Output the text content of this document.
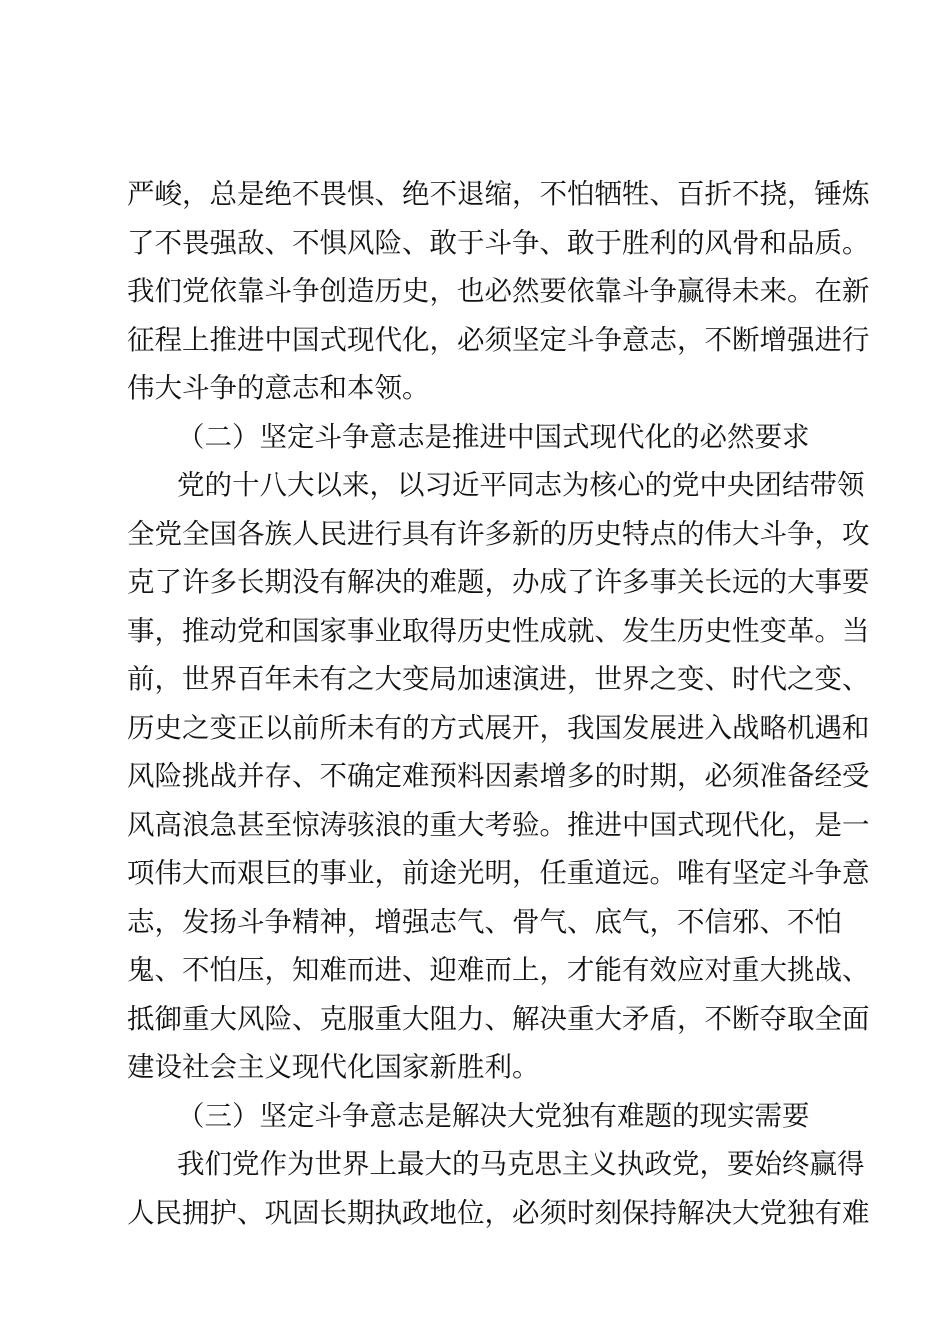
严峻，总是绝不畏惧、绝不退缩，不怕牺牲、百折不挠，锤炼
了不畏强敌、不惧风险、敢于斗争、敢于胜利的风骨和品质。
我们党依靠斗争创造历史，也必然要依靠斗争赢得未来。在新
征程上推进中国式现代化，必须坚定斗争意志，不断增强进行
伟大斗争的意志和本领。
（二）坚定斗争意志是推进中国式现代化的必然要求
党的十八大以来，以习近平同志为核心的党中央团结带领
全党全国各族人民进行具有许多新的历史特点的伟大斗争，攻
克了许多长期没有解决的难题，办成了许多事关长远的大事要
事，推动党和国家事业取得历史性成就、发生历史性变革。当
前，世界百年未有之大变局加速演进，世界之变、时代之变、
历史之变正以前所未有的方式展开，我国发展进入战略机遇和
风险挑战并存、不确定难预料因素增多的时期，必须准备经受
风高浪急甚至惊涛骇浪的重大考验。推进中国式现代化，是一
项伟大而艰巨的事业，前途光明，任重道远。唯有坚定斗争意
志，发扬斗争精神，增强志气、骨气、底气，不信邪、不怕
鬼、不怕压，知难而进、迎难而上，才能有效应对重大挑战、
抵御重大风险、克服重大阻力、解决重大矛盾，不断夺取全面
建设社会主义现代化国家新胜利。
（三）坚定斗争意志是解决大党独有难题的现实需要
我们党作为世界上最大的马克思主义执政党，要始终赢得
人民拥护、巩固长期执政地位，必须时刻保持解决大党独有难
